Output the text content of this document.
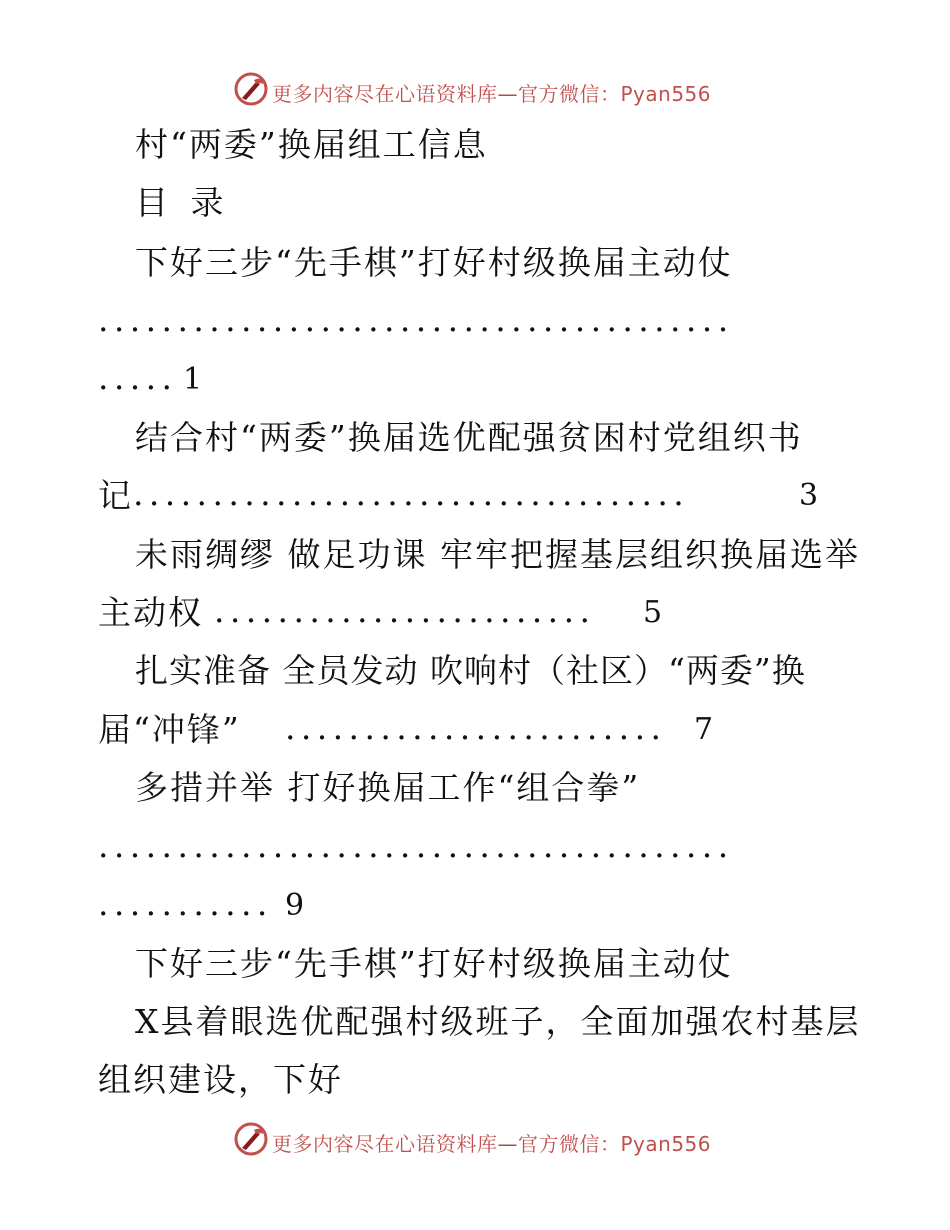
更多内容尽在心语资料库—官方微信：Pyan556
村“两委”换届组工信息
目 录
下好三步“先手棋”打好村级换届主动仗
........................................
..... 1
结合村“两委”换届选优配强贫困村党组织书
记 ...................................	3
未雨绸缪 做足功课 牢牢把握基层组织换届选举
主动权 ........................ 5
扎实准备 全员发动 吹响村（社区）“两委”换
届“冲锋” ........................ 7
多措并举 打好换届工作“组合拳”
........................................
........... 9
下好三步“先手棋”打好村级换届主动仗
X县着眼选优配强村级班子，全面加强农村基层
组织建设，下好
更多内容尽在心语资料库—官方微信：Pyan556
